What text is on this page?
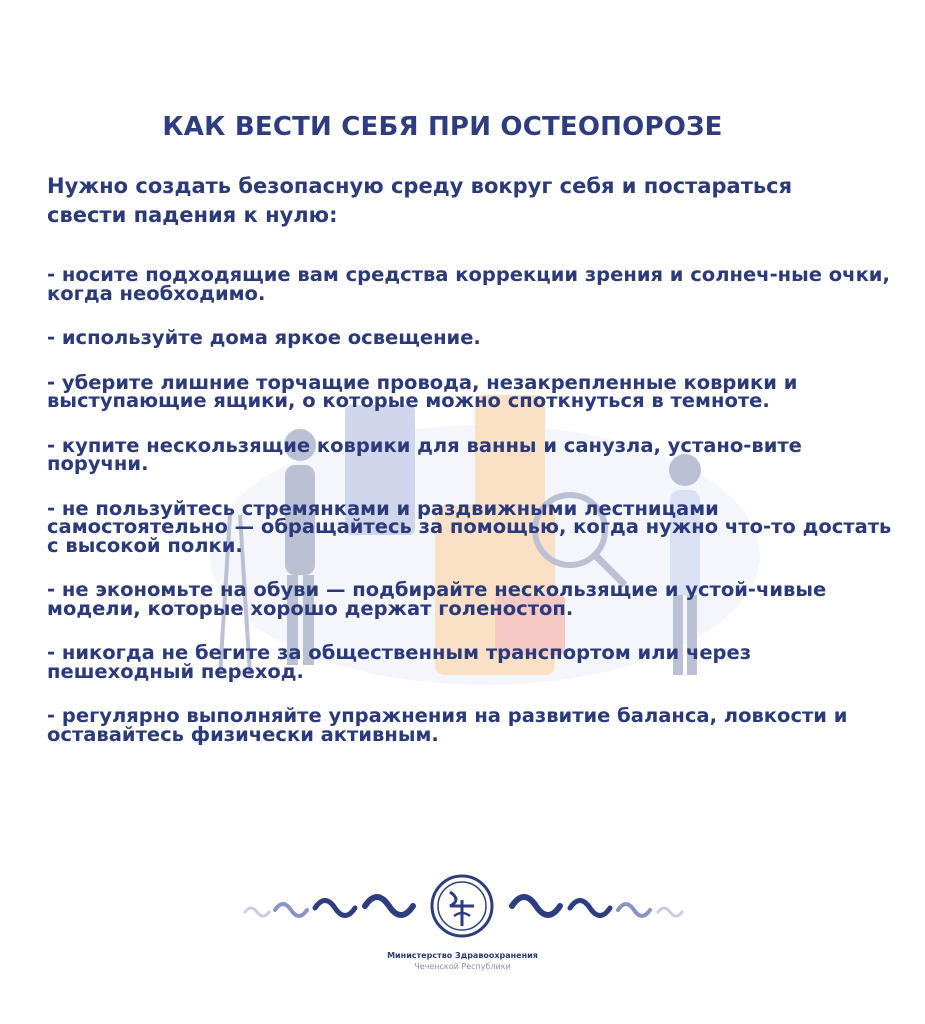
КАК ВЕСТИ СЕБЯ ПРИ ОСТЕОПОРОЗЕ
Нужно создать безопасную среду вокруг себя и постараться свести падения к нулю:
- носите подходящие вам средства коррекции зрения и солнеч-ные очки, когда необходимо.
- используйте дома яркое освещение.
- уберите лишние торчащие провода, незакрепленные коврики и выступающие ящики, о которые можно споткнуться в темноте.
- купите нескользящие коврики для ванны и санузла, устано-вите поручни.
- не пользуйтесь стремянками и раздвижными лестницами самостоятельно — обращайтесь за помощью, когда нужно что-то достать с высокой полки.
- не экономьте на обуви — подбирайте нескользящие и устой-чивые модели, которые хорошо держат голеностоп.
- никогда не бегите за общественным транспортом или через пешеходный переход.
- регулярно выполняйте упражнения на развитие баланса, ловкости и оставайтесь физически активным.
Министерство Здравоохранения
Чеченской Республики
